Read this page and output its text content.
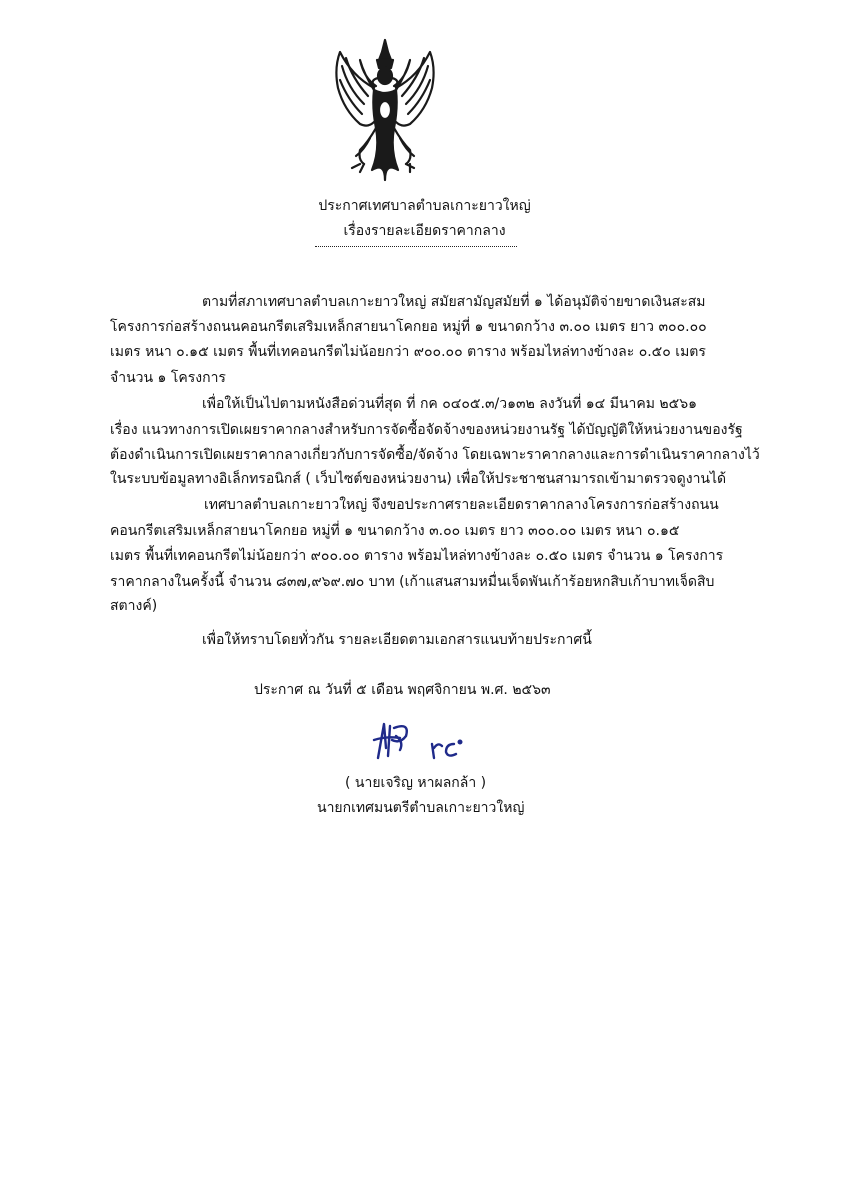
ประกาศเทศบาลตำบลเกาะยาวใหญ่
เรื่องรายละเอียดราคากลาง
ตามที่สภาเทศบาลตำบลเกาะยาวใหญ่ สมัยสามัญสมัยที่ ๑ ได้อนุมัติจ่ายขาดเงินสะสม
โครงการก่อสร้างถนนคอนกรีตเสริมเหล็กสายนาโคกยอ หมู่ที่ ๑ ขนาดกว้าง ๓.๐๐ เมตร ยาว ๓๐๐.๐๐
เมตร หนา ๐.๑๕ เมตร พื้นที่เทคอนกรีตไม่น้อยกว่า ๙๐๐.๐๐ ตาราง พร้อมไหล่ทางข้างละ ๐.๕๐ เมตร
จำนวน ๑ โครงการ
เพื่อให้เป็นไปตามหนังสือด่วนที่สุด ที่ กค ๐๔๐๕.๓/ว๑๓๒ ลงวันที่ ๑๔ มีนาคม ๒๕๖๑
เรื่อง แนวทางการเปิดเผยราคากลางสำหรับการจัดซื้อจัดจ้างของหน่วยงานรัฐ ได้บัญญัติให้หน่วยงานของรัฐ
ต้องดำเนินการเปิดเผยราคากลางเกี่ยวกับการจัดซื้อ/จัดจ้าง โดยเฉพาะราคากลางและการดำเนินราคากลางไว้
ในระบบข้อมูลทางอิเล็กทรอนิกส์ ( เว็บไซต์ของหน่วยงาน) เพื่อให้ประชาชนสามารถเข้ามาตรวจดูงานได้
เทศบาลตำบลเกาะยาวใหญ่ จึงขอประกาศรายละเอียดราคากลางโครงการก่อสร้างถนน
คอนกรีตเสริมเหล็กสายนาโคกยอ หมู่ที่ ๑ ขนาดกว้าง ๓.๐๐ เมตร ยาว ๓๐๐.๐๐ เมตร หนา ๐.๑๕
เมตร พื้นที่เทคอนกรีตไม่น้อยกว่า ๙๐๐.๐๐ ตาราง พร้อมไหล่ทางข้างละ ๐.๕๐ เมตร จำนวน ๑ โครงการ
ราคากลางในครั้งนี้ จำนวน ๘๓๗,๙๖๙.๗๐ บาท (เก้าแสนสามหมื่นเจ็ดพันเก้าร้อยหกสิบเก้าบาทเจ็ดสิบ
สตางค์)
เพื่อให้ทราบโดยทั่วกัน รายละเอียดตามเอกสารแนบท้ายประกาศนี้
ประกาศ ณ วันที่ ๕ เดือน พฤศจิกายน พ.ศ. ๒๕๖๓
( นายเจริญ หาผลกล้า )
นายกเทศมนตรีตำบลเกาะยาวใหญ่
